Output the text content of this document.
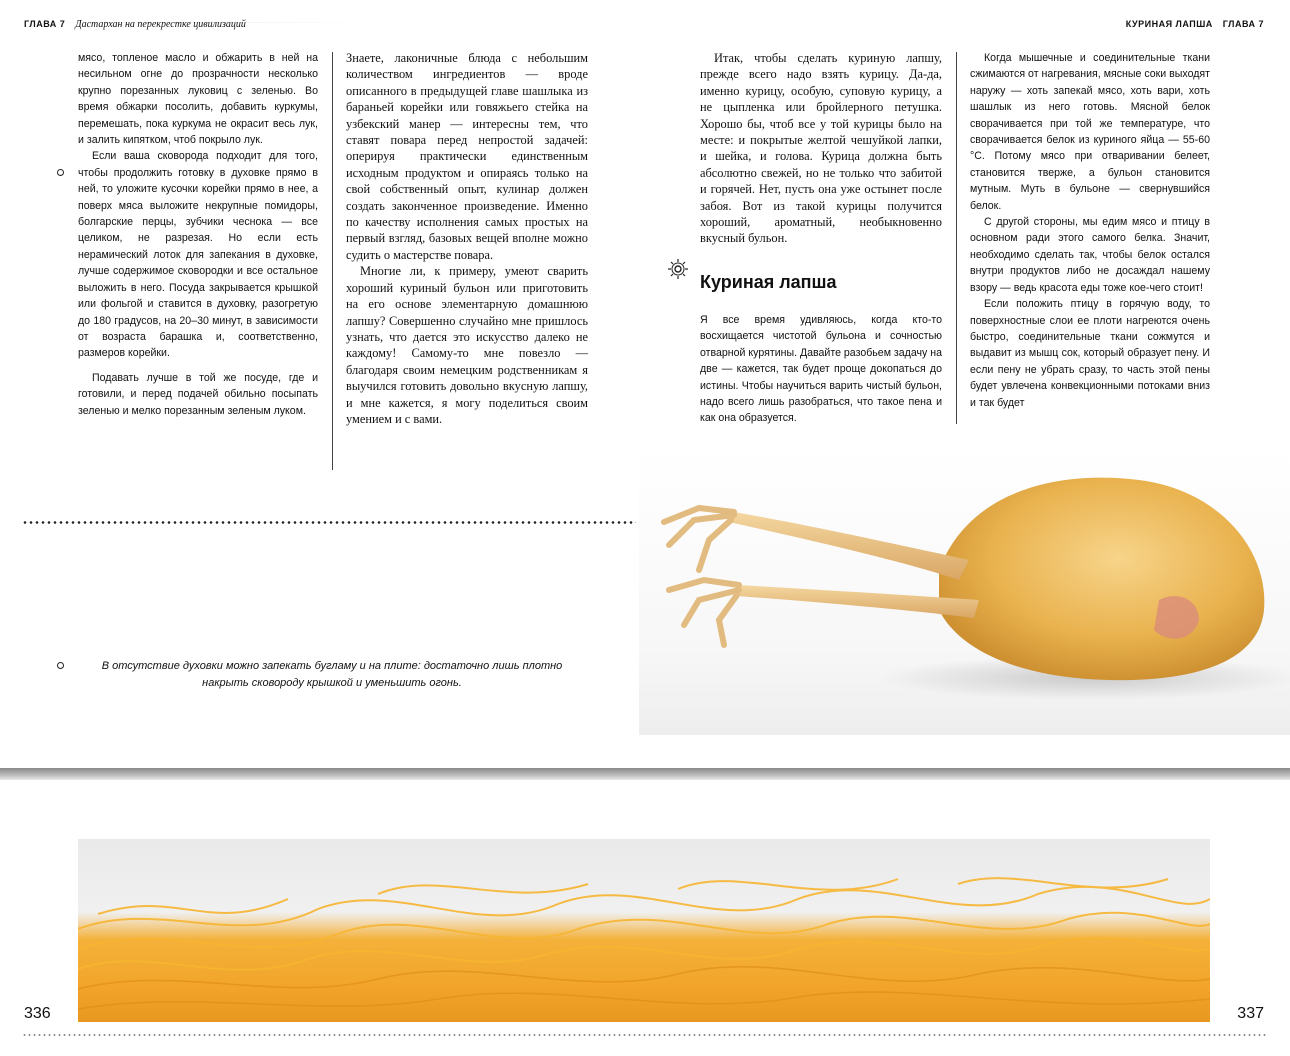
ГЛАВА 7 Дастархан на перекрестке цивилизаций	КУРИНАЯ ЛАПША ГЛАВА 7

мясо, топленое масло и обжарить в ней на несильном огне до прозрачности несколько крупно порезанных луковиц с зеленью. Во время обжарки посолить, добавить куркумы, перемешать, пока куркума не окрасит весь лук, и залить кипятком, чтоб покрыло лук.

Если ваша сковорода подходит для того, чтобы продолжить готовку в духовке прямо в ней, то уложите кусочки корейки прямо в нее, а поверх мяса выложите некрупные помидоры, болгарские перцы, зубчики чеснока — все целиком, не разрезая. Но если есть нерамический лоток для запекания в духовке, лучше содержимое сковородки и все остальное выложить в него. Посуда закрывается крышкой или фольгой и ставится в духовку, разогретую до 180 градусов, на 20–30 минут, в зависимости от возраста барашка и, соответственно, размеров корейки.

Подавать лучше в той же посуде, где и готовили, и перед подачей обильно посыпать зеленью и мелко порезанным зеленым луком.

Знаете, лаконичные блюда с небольшим количеством ингредиентов — вроде описанного в предыдущей главе шашлыка из бараньей корейки или говяжьего стейка на узбекский манер — интересны тем, что ставят повара перед непростой задачей: оперируя практически единственным исходным продуктом и опираясь только на свой собственный опыт, кулинар должен создать законченное произведение. Именно по качеству исполнения самых простых на первый взгляд, базовых вещей вполне можно судить о мастерстве повара.

Многие ли, к примеру, умеют сварить хороший куриный бульон или приготовить на его основе элементарную домашнюю лапшу? Совершенно случайно мне пришлось узнать, что дается это искусство далеко не каждому! Самому-то мне повезло — благодаря своим немецким родственникам я выучился готовить довольно вкусную лапшу, и мне кажется, я могу поделиться своим умением и с вами.

В отсутствие духовки можно запекать бугламу и на плите: достаточно лишь плотно накрыть сковороду крышкой и уменьшить огонь.

Итак, чтобы сделать куриную лапшу, прежде всего надо взять курицу. Да-да, именно курицу, особую, суповую курицу, а не цыпленка или бройлерного петушка. Хорошо бы, чтоб все у той курицы было на месте: и покрытые желтой чешуйкой лапки, и шейка, и голова. Курица должна быть абсолютно свежей, но не только что забитой и горячей. Нет, пусть она уже остынет после забоя. Вот из такой курицы получится хороший, ароматный, необыкновенно вкусный бульон.

Куриная лапша

Я все время удивляюсь, когда кто-то восхищается чистотой бульона и сочностью отварной курятины. Давайте разобьем задачу на две — кажется, так будет проще докопаться до истины. Чтобы научиться варить чистый бульон, надо всего лишь разобраться, что такое пена и как она образуется.

Когда мышечные и соединительные ткани сжимаются от нагревания, мясные соки выходят наружу — хоть запекай мясо, хоть вари, хоть шашлык из него готовь. Мясной белок сворачивается при той же температуре, что сворачивается белок из куриного яйца — 55-60 °С. Потому мясо при отваривании белеет, становится тверже, а бульон становится мутным. Муть в бульоне — свернувшийся белок.

С другой стороны, мы едим мясо и птицу в основном ради этого самого белка. Значит, необходимо сделать так, чтобы белок остался внутри продуктов либо не досаждал нашему взору — ведь красота еды тоже кое-чего стоит!

Если положить птицу в горячую воду, то поверхностные слои ее плоти нагреются очень быстро, соединительные ткани сожмутся и выдавит из мышц сок, который образует пену. И если пену не убрать сразу, то часть этой пены будет увлечена конвекционными потоками вниз и так будет

336	337
